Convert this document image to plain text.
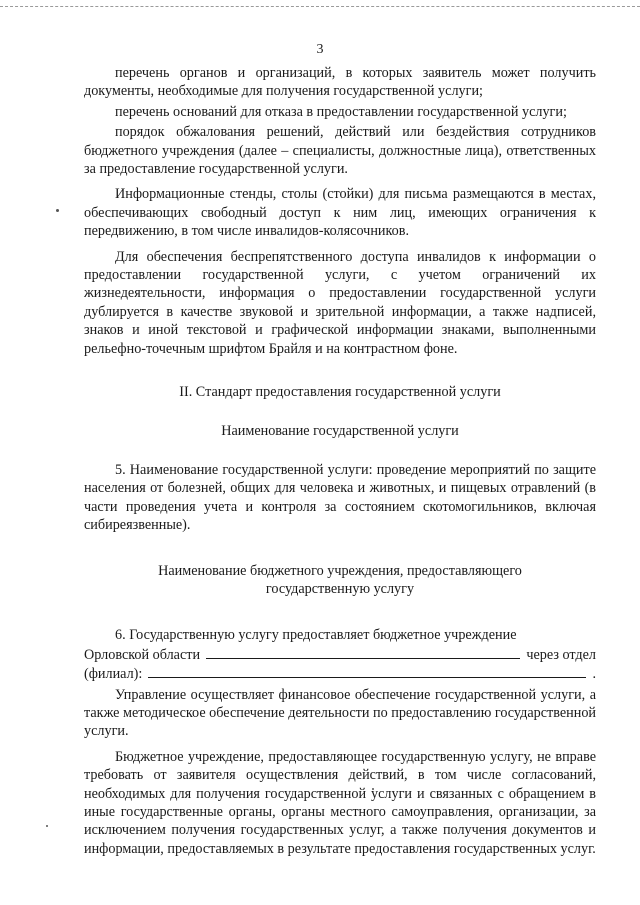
3

перечень органов и организаций, в которых заявитель может получить документы, необходимые для получения государственной услуги;

перечень оснований для отказа в предоставлении государственной услуги;

порядок обжалования решений, действий или бездействия сотрудников бюджетного учреждения (далее – специалисты, должностные лица), ответственных за предоставление государственной услуги.

Информационные стенды, столы (стойки) для письма размещаются в местах, обеспечивающих свободный доступ к ним лиц, имеющих ограничения к передвижению, в том числе инвалидов-колясочников.

Для обеспечения беспрепятственного доступа инвалидов к информации о предоставлении государственной услуги, с учетом ограничений их жизнедеятельности, информация о предоставлении государственной услуги дублируется в качестве звуковой и зрительной информации, а также надписей, знаков и иной текстовой и графической информации знаками, выполненными рельефно-точечным шрифтом Брайля и на контрастном фоне.

II. Стандарт предоставления государственной услуги

Наименование государственной услуги

5. Наименование государственной услуги: проведение мероприятий по защите населения от болезней, общих для человека и животных, и пищевых отравлений (в части проведения учета и контроля за состоянием скотомогильников, включая сибиреязвенные).

Наименование бюджетного учреждения, предоставляющего
государственную услугу

6. Государственную услугу предоставляет бюджетное учреждение

Орловской области	через отдел
(филиал):	.

Управление осуществляет финансовое обеспечение государственной услуги, а также методическое обеспечение деятельности по предоставлению государственной услуги.

Бюджетное учреждение, предоставляющее государственную услугу, не вправе требовать от заявителя осуществления действий, в том числе согласований, необходимых для получения государственной услуги и связанных с обращением в иные государственные органы, органы местного самоуправления, организации, за исключением получения государственных услуг, а также получения документов и информации, предоставляемых в результате предоставления государственных услуг.
